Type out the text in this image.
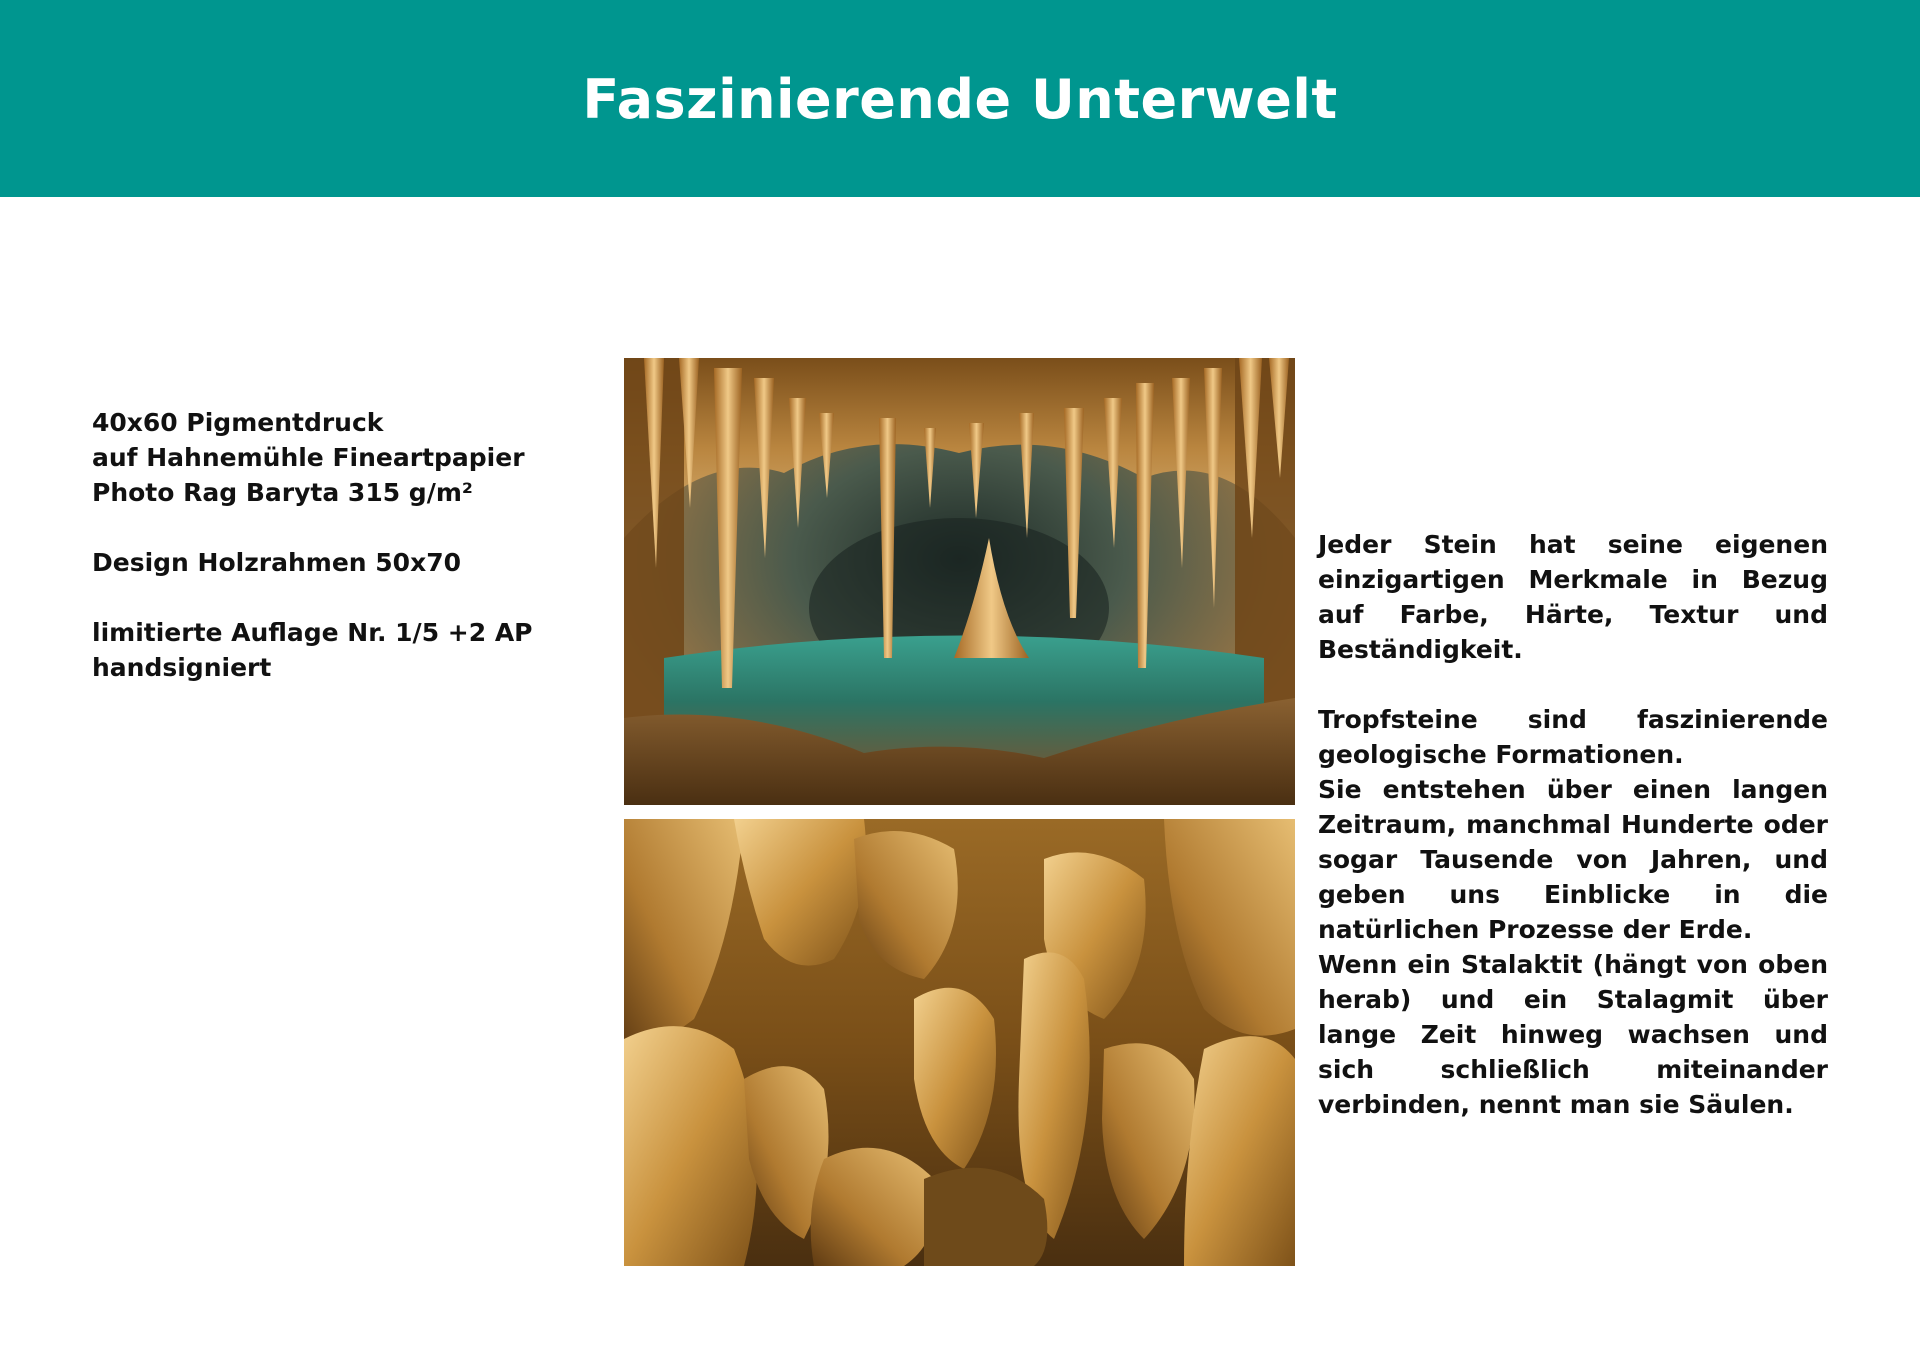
Faszinierende Unterwelt
40x60 Pigmentdruck
auf Hahnemühle Fineartpapier
Photo Rag Baryta 315 g/m²
Design Holzrahmen 50x70
limitierte Auflage Nr. 1/5 +2 AP
handsigniert

Jeder Stein hat seine eigenen einzigartigen Merkmale in Bezug auf Farbe, Härte, Textur und Beständigkeit.

Tropfsteine sind faszinierende geologische Formationen.

Sie entstehen über einen langen Zeitraum, manchmal Hunderte oder sogar Tausende von Jahren, und geben uns Einblicke in die natürlichen Prozesse der Erde.

Wenn ein Stalaktit (hängt von oben herab) und ein Stalagmit über lange Zeit hinweg wachsen und sich schließlich miteinander verbinden, nennt man sie Säulen.
